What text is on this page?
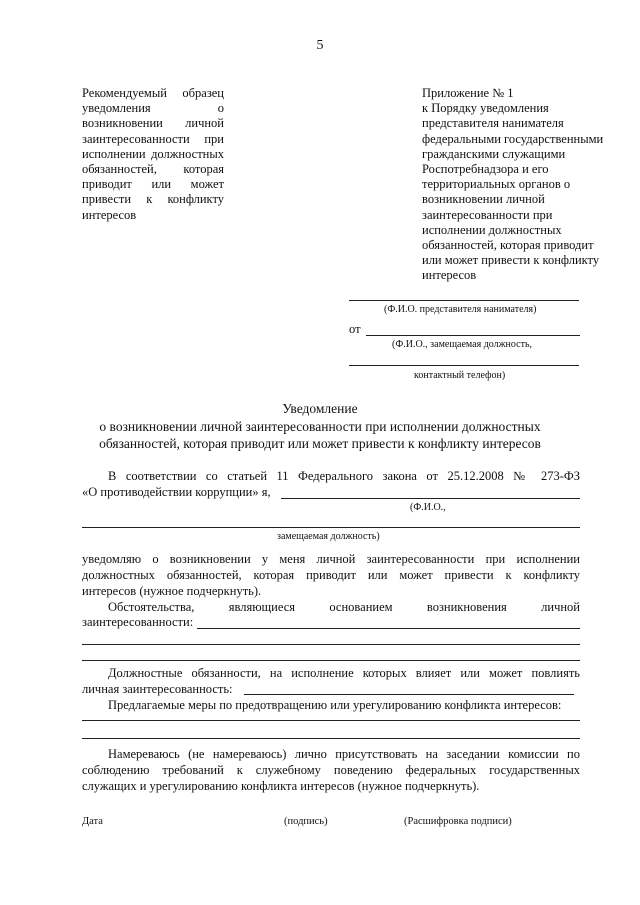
5
Рекомендуемый образец
уведомления о
возникновении личной
заинтересованности при
исполнении должностных
обязанностей, которая
приводит или может
привести к конфликту
интересов
Приложение № 1
к Порядку уведомления
представителя нанимателя
федеральными государственными
гражданскими служащими
Роспотребнадзора и его
территориальных органов о
возникновении личной
заинтересованности при
исполнении должностных
обязанностей, которая приводит
или может привести к конфликту
интересов
(Ф.И.О. представителя нанимателя)
от
(Ф.И.О., замещаемая должность,
контактный телефон)
Уведомление
о возникновении личной заинтересованности при исполнении должностных
обязанностей, которая приводит или может привести к конфликту интересов
В соответствии со статьей 11 Федерального закона от 25.12.2008 № 273-ФЗ
«О противодействии коррупции» я,
(Ф.И.О.,
замещаемая должность)
уведомляю о возникновении у меня личной заинтересованности при исполнении
должностных обязанностей, которая приводит или может привести к конфликту
интересов (нужное подчеркнуть).
Обстоятельства, являющиеся основанием возникновения личной
заинтересованности:
Должностные обязанности, на исполнение которых влияет или может повлиять
личная заинтересованность:
Предлагаемые меры по предотвращению или урегулированию конфликта интересов:
Намереваюсь (не намереваюсь) лично присутствовать на заседании комиссии по
соблюдению требований к служебному поведению федеральных государственных
служащих и урегулированию конфликта интересов (нужное подчеркнуть).
Дата	(подпись)	(Расшифровка подписи)
